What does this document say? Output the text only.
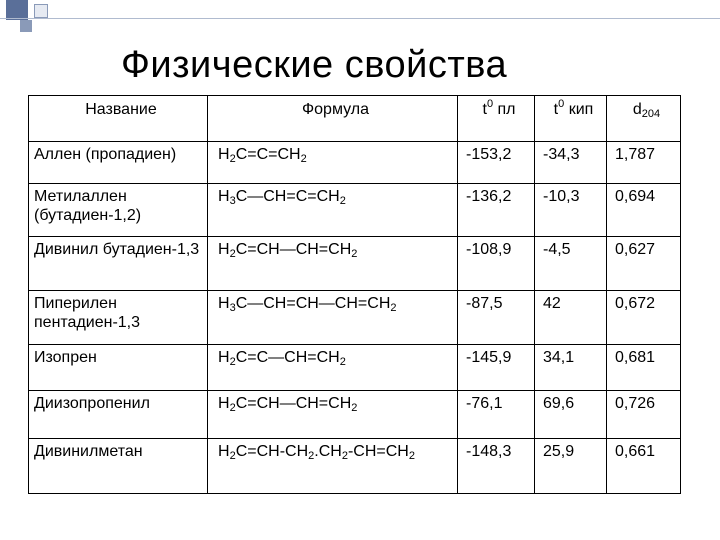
Физические свойства
Название	Формула	$t^0$ пл	$t^0$ кип	$d_{204}$
Аллен (пропадиен)	$H_2C=C=CH_2$	-153,2	-34,3	1,787
Метилаллен (бутадиен-1,2)	$H_3C—CH=C=CH_2$	-136,2	-10,3	0,694
Дивинил бутадиен-1,3	$H_2C=CH—CH=CH_2$	-108,9	-4,5	0,627
Пиперилен пентадиен-1,3	$H_3C—CH=CH—CH=CH_2$	-87,5	42	0,672
Изопрен	$H_2C=C—CH=CH_2$	-145,9	34,1	0,681
Диизопропенил	$H_2C=CH—CH=CH_2$	-76,1	69,6	0,726
Дивинилметан	$H_2C=CH-CH_2.CH_2-CH=CH_2$	-148,3	25,9	0,661
